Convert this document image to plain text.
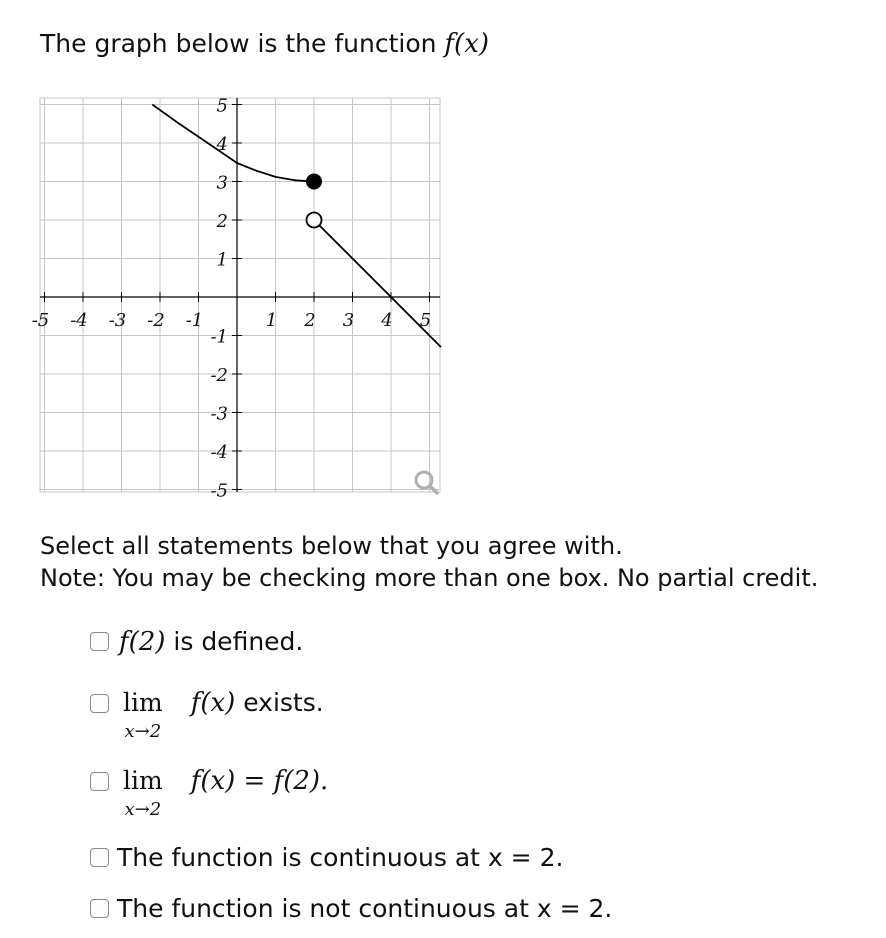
The graph below is the function f(x)
-5 -4 -3 -2 -1	1 2 3 4 5
5
4
3
2
1
-1
-2
-3
-4
-5
Select all statements below that you agree with.
Note: You may be checking more than one box. No partial credit.
f(2) is defined.
lim
x→2
f(x) exists.
lim
x→2
f(x) = f(2).
The function is continuous at x = 2.
The function is not continuous at x = 2.
